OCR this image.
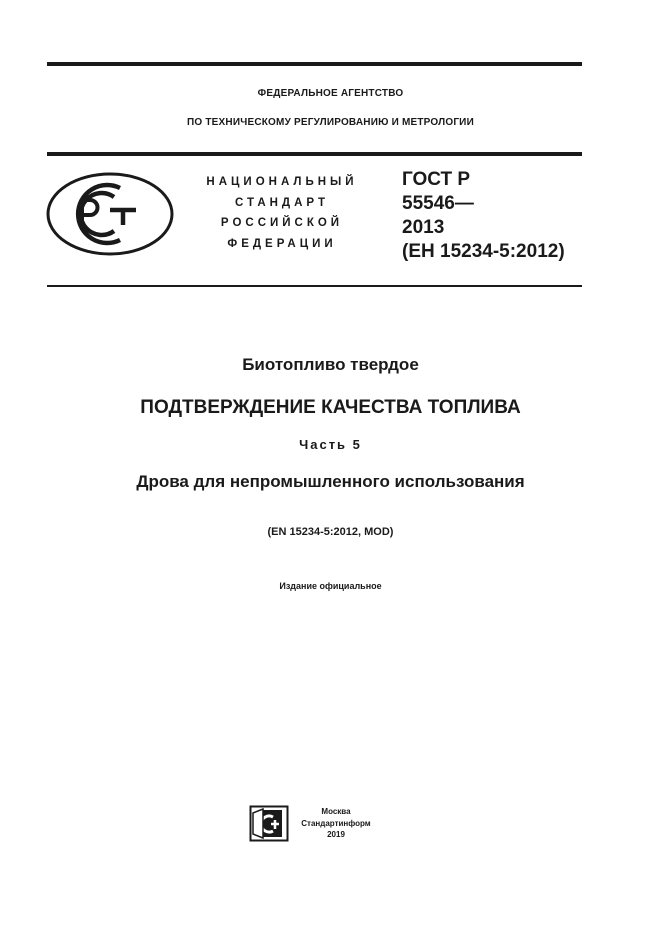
ФЕДЕРАЛЬНОЕ АГЕНТСТВО
ПО ТЕХНИЧЕСКОМУ РЕГУЛИРОВАНИЮ И МЕТРОЛОГИИ
НАЦИОНАЛЬНЫЙ
СТАНДАРТ
РОССИЙСКОЙ
ФЕДЕРАЦИИ
ГОСТ Р
55546—
2013
(ЕН 15234-5:2012)
Биотопливо твердое
ПОДТВЕРЖДЕНИЕ КАЧЕСТВА ТОПЛИВА
Часть 5
Дрова для непромышленного использования
(EN 15234-5:2012, MOD)
Издание официальное
Москва
Стандартинформ
2019
